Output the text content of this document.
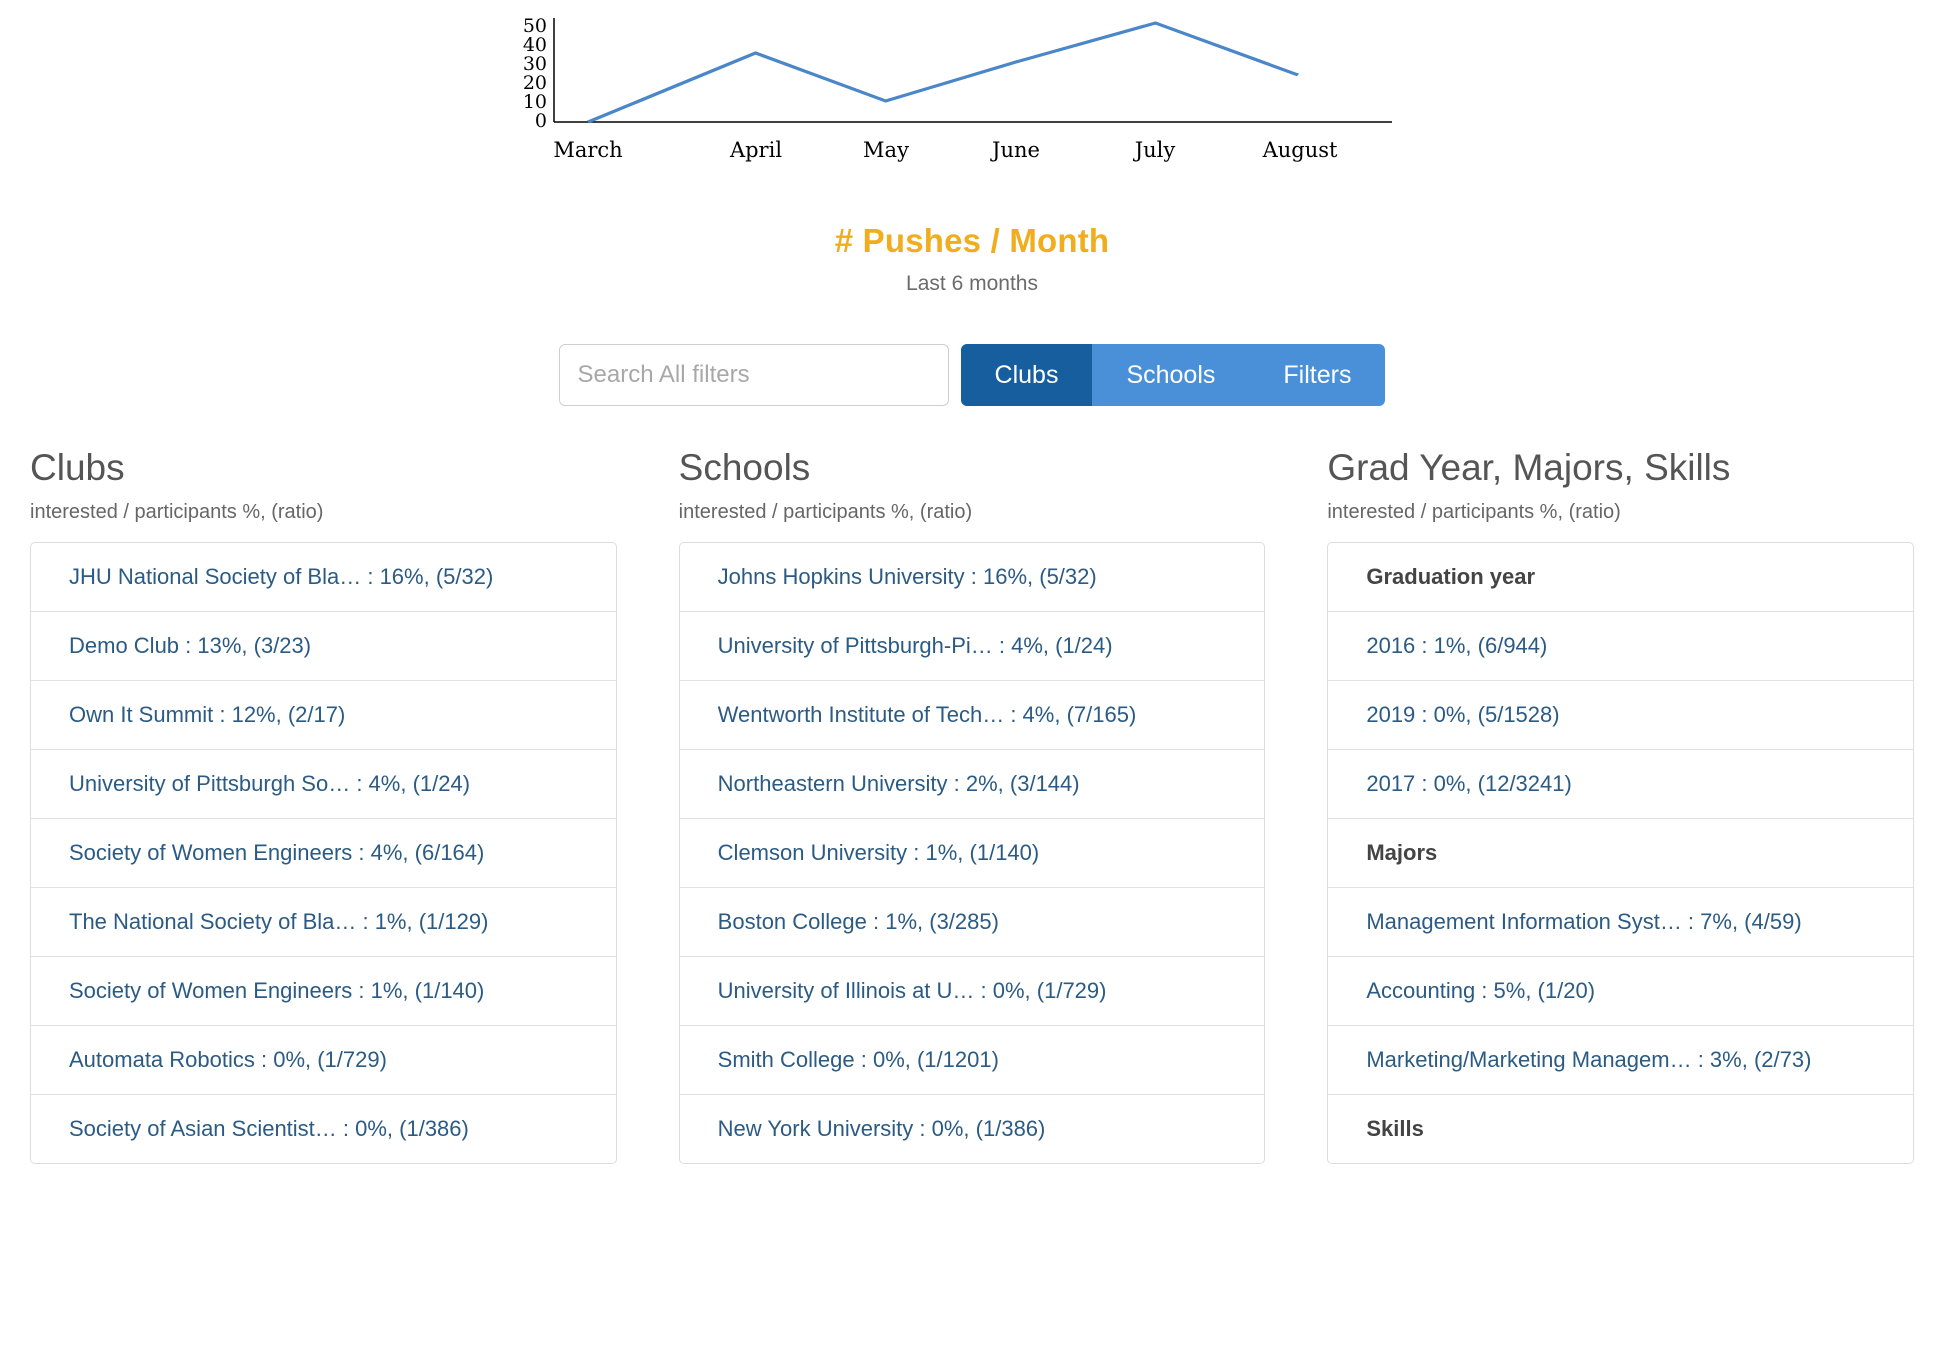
50
40
30
20
10
0
March	April	May	June	July	August
# Pushes / Month
Last 6 months
Search All filters
Clubs	Schools	Filters
Clubs
interested / participants %, (ratio)
JHU National Society of Bla… : 16%, (5/32)
Demo Club : 13%, (3/23)
Own It Summit : 12%, (2/17)
University of Pittsburgh So… : 4%, (1/24)
Society of Women Engineers : 4%, (6/164)
The National Society of Bla… : 1%, (1/129)
Society of Women Engineers : 1%, (1/140)
Automata Robotics : 0%, (1/729)
Society of Asian Scientist… : 0%, (1/386)
Schools
interested / participants %, (ratio)
Johns Hopkins University : 16%, (5/32)
University of Pittsburgh-Pi… : 4%, (1/24)
Wentworth Institute of Tech… : 4%, (7/165)
Northeastern University : 2%, (3/144)
Clemson University : 1%, (1/140)
Boston College : 1%, (3/285)
University of Illinois at U… : 0%, (1/729)
Smith College : 0%, (1/1201)
New York University : 0%, (1/386)
Grad Year, Majors, Skills
interested / participants %, (ratio)
Graduation year
2016 : 1%, (6/944)
2019 : 0%, (5/1528)
2017 : 0%, (12/3241)
Majors
Management Information Syst… : 7%, (4/59)
Accounting : 5%, (1/20)
Marketing/Marketing Managem… : 3%, (2/73)
Skills
